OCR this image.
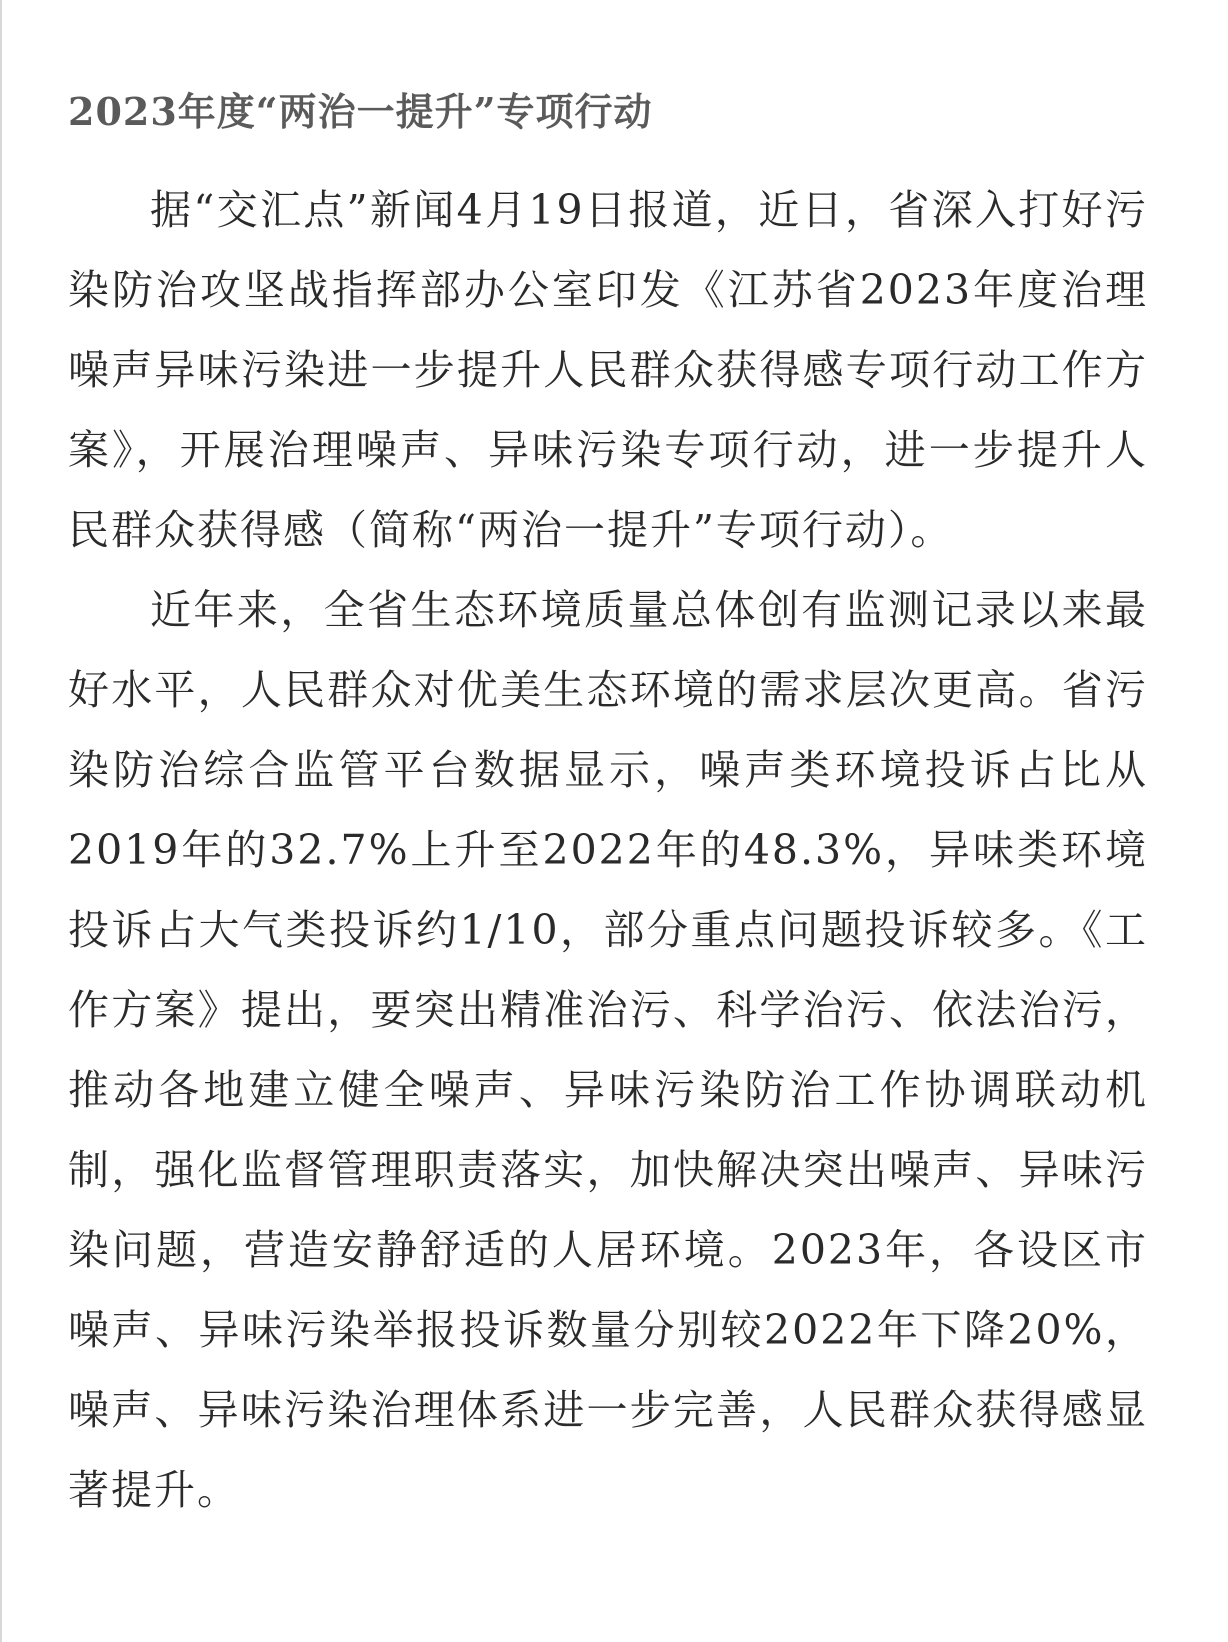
2023年度“两治一提升”专项行动

据“交汇点”新闻4月19日报道，近日，省深入打好污染防治攻坚战指挥部办公室印发《江苏省2023年度治理噪声异味污染进一步提升人民群众获得感专项行动工作方案》，开展治理噪声、异味污染专项行动，进一步提升人民群众获得感（简称“两治一提升”专项行动）。

近年来，全省生态环境质量总体创有监测记录以来最好水平，人民群众对优美生态环境的需求层次更高。省污染防治综合监管平台数据显示，噪声类环境投诉占比从2019年的32.7%上升至2022年的48.3%，异味类环境投诉占大气类投诉约1/10，部分重点问题投诉较多。《工作方案》提出，要突出精准治污、科学治污、依法治污，推动各地建立健全噪声、异味污染防治工作协调联动机制，强化监督管理职责落实，加快解决突出噪声、异味污染问题，营造安静舒适的人居环境。2023年，各设区市噪声、异味污染举报投诉数量分别较2022年下降20%，噪声、异味污染治理体系进一步完善，人民群众获得感显著提升。
